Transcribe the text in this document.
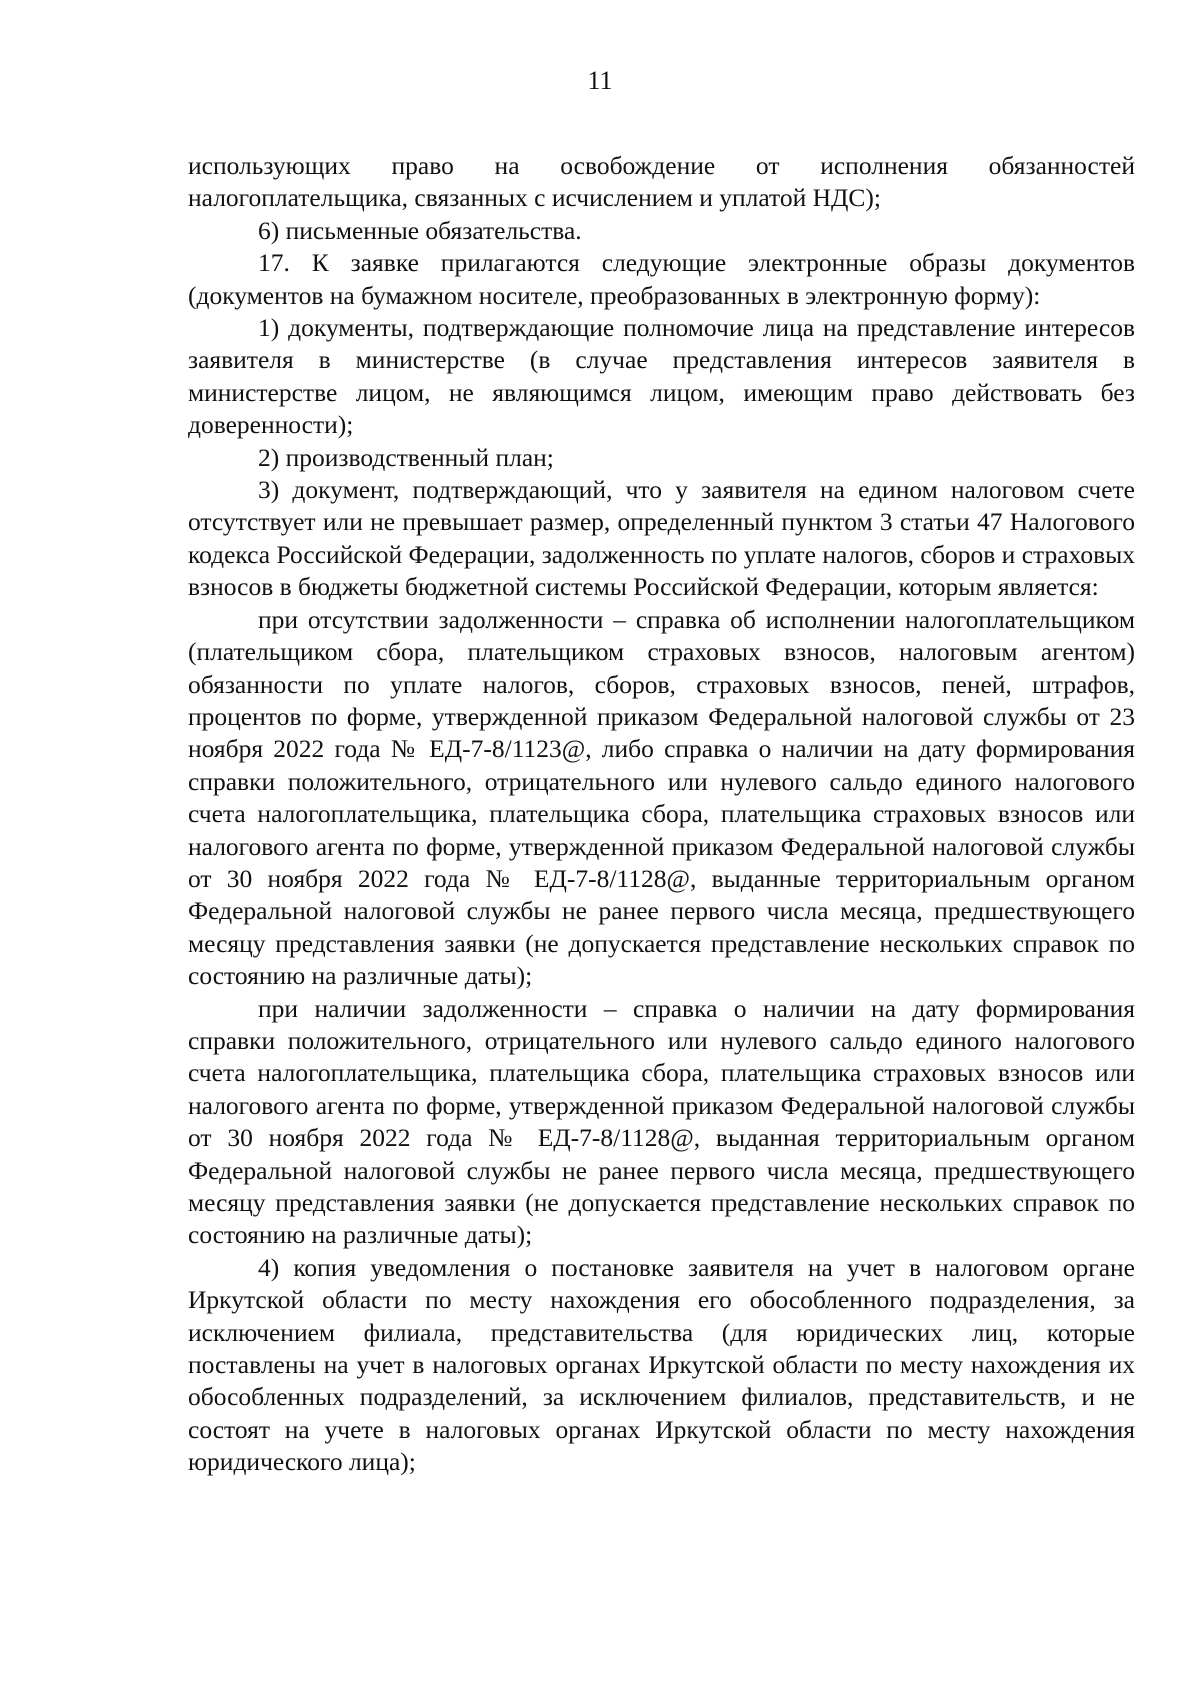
11

использующих право на освобождение от исполнения обязанностей налогоплательщика, связанных с исчислением и уплатой НДС);

6) письменные обязательства.

17. К заявке прилагаются следующие электронные образы документов (документов на бумажном носителе, преобразованных в электронную форму):

1) документы, подтверждающие полномочие лица на представление интересов заявителя в министерстве (в случае представления интересов заявителя в министерстве лицом, не являющимся лицом, имеющим право действовать без доверенности);

2) производственный план;

3) документ, подтверждающий, что у заявителя на едином налоговом счете отсутствует или не превышает размер, определенный пунктом 3 статьи 47 Налогового кодекса Российской Федерации, задолженность по уплате налогов, сборов и страховых взносов в бюджеты бюджетной системы Российской Федерации, которым является:

при отсутствии задолженности – справка об исполнении налогоплательщиком (плательщиком сбора, плательщиком страховых взносов, налоговым агентом) обязанности по уплате налогов, сборов, страховых взносов, пеней, штрафов, процентов по форме, утвержденной приказом Федеральной налоговой службы от 23 ноября 2022 года № ЕД-7-8/1123@, либо справка о наличии на дату формирования справки положительного, отрицательного или нулевого сальдо единого налогового счета налогоплательщика, плательщика сбора, плательщика страховых взносов или налогового агента по форме, утвержденной приказом Федеральной налоговой службы от 30 ноября 2022 года № ЕД-7-8/1128@, выданные территориальным органом Федеральной налоговой службы не ранее первого числа месяца, предшествующего месяцу представления заявки (не допускается представление нескольких справок по состоянию на различные даты);

при наличии задолженности – справка о наличии на дату формирования справки положительного, отрицательного или нулевого сальдо единого налогового счета налогоплательщика, плательщика сбора, плательщика страховых взносов или налогового агента по форме, утвержденной приказом Федеральной налоговой службы от 30 ноября 2022 года № ЕД-7-8/1128@, выданная территориальным органом Федеральной налоговой службы не ранее первого числа месяца, предшествующего месяцу представления заявки (не допускается представление нескольких справок по состоянию на различные даты);

4) копия уведомления о постановке заявителя на учет в налоговом органе Иркутской области по месту нахождения его обособленного подразделения, за исключением филиала, представительства (для юридических лиц, которые поставлены на учет в налоговых органах Иркутской области по месту нахождения их обособленных подразделений, за исключением филиалов, представительств, и не состоят на учете в налоговых органах Иркутской области по месту нахождения юридического лица);
